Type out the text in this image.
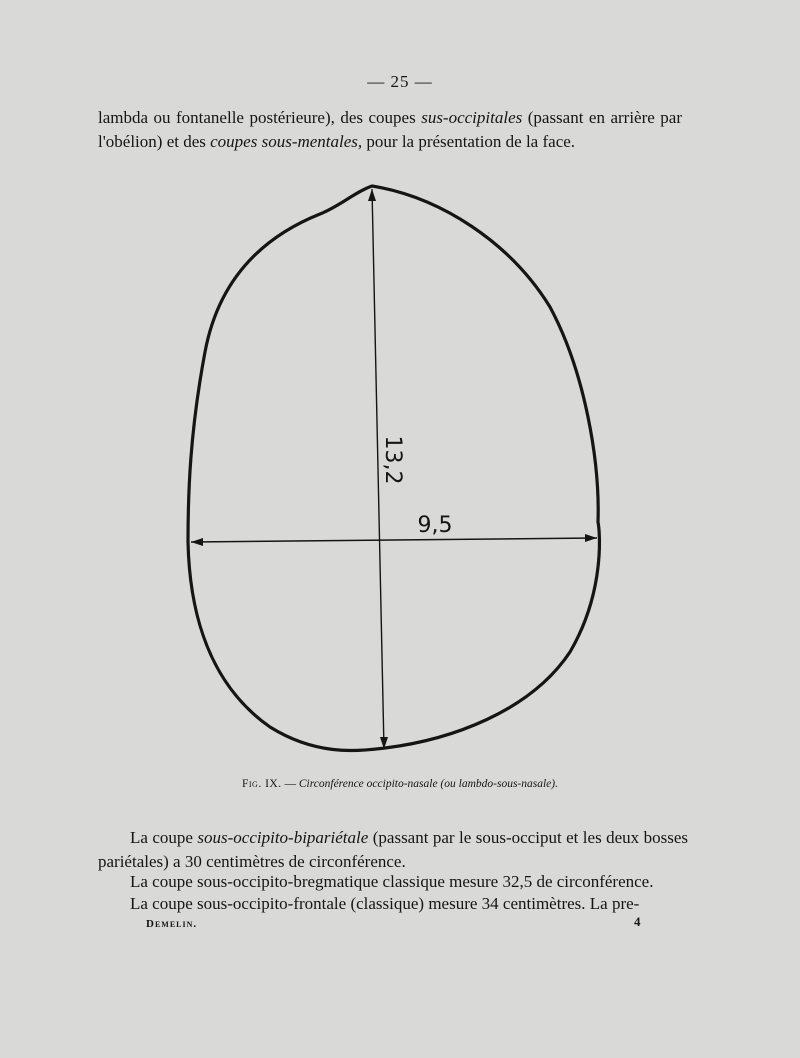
— 25 —

lambda ou fontanelle postérieure), des coupes sus-occipitales (passant en arrière par l'obélion) et des coupes sous-mentales, pour la présentation de la face.

13,2
9,5
Fig. IX. — Circonférence occipito-nasale (ou lambdo-sous-nasale).

La coupe sous-occipito-bipariétale (passant par le sous-occiput et les deux bosses pariétales) a 30 centimètres de circonférence.

La coupe sous-occipito-bregmatique classique mesure 32,5 de circonférence.

La coupe sous-occipito-frontale (classique) mesure 34 centimètres. La pre-

Demelin.	4
